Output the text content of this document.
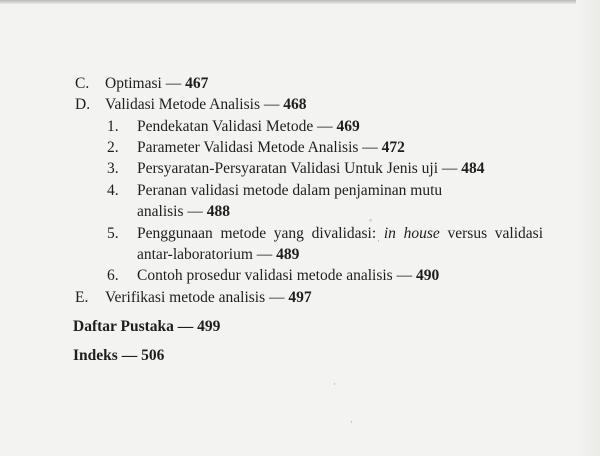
C. Optimasi — 467
D. Validasi Metode Analisis — 468
1. Pendekatan Validasi Metode — 469
2. Parameter Validasi Metode Analisis — 472
3. Persyaratan-Persyaratan Validasi Untuk Jenis uji — 484
4. Peranan validasi metode dalam penjaminan mutu
analisis — 488
5. Penggunaan metode yang divalidasi: in house versus validasi
antar-laboratorium — 489
6. Contoh prosedur validasi metode analisis — 490
E. Verifikasi metode analisis — 497
Daftar Pustaka — 499
Indeks — 506
◦
·
·
·
